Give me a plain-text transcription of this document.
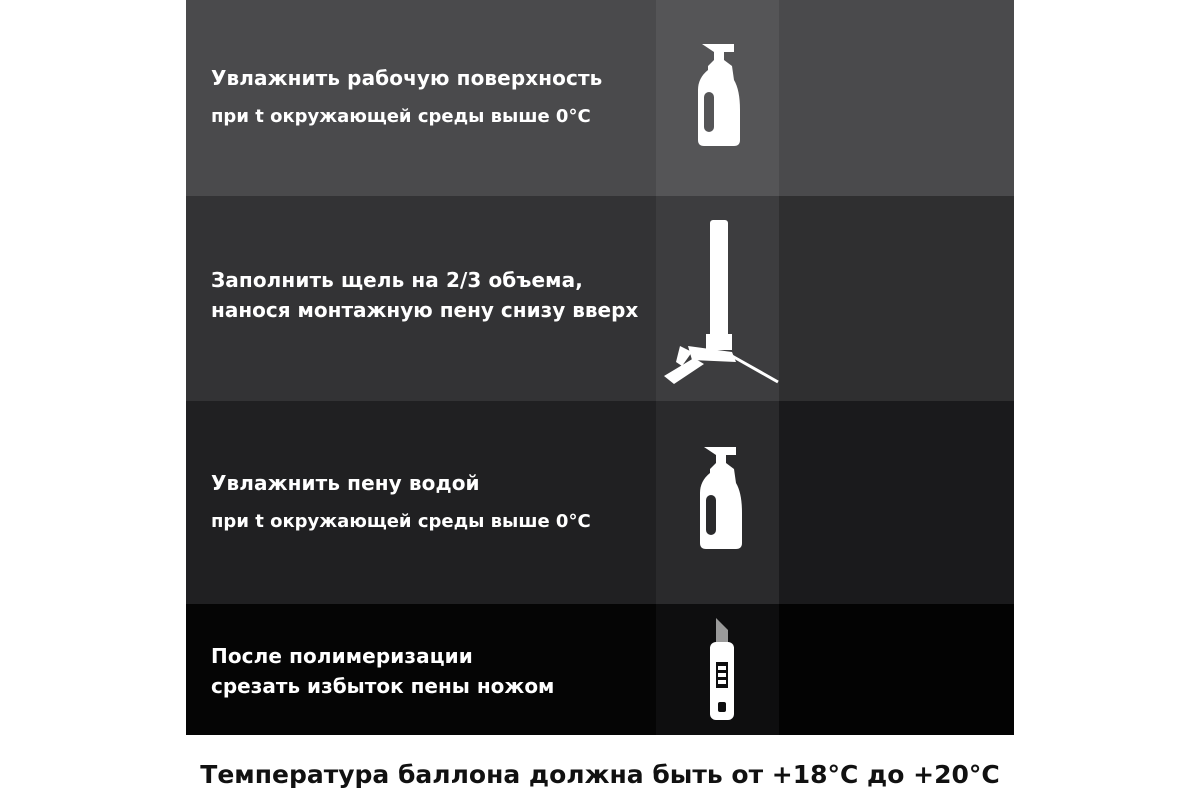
Увлажнить рабочую поверхность
при t окружающей среды выше 0°C
Заполнить щель на 2/3 объема,
нанося монтажную пену снизу вверх
Увлажнить пену водой
при t окружающей среды выше 0°C
После полимеризации
срезать избыток пены ножом
Температура баллона должна быть от +18°C до +20°C
